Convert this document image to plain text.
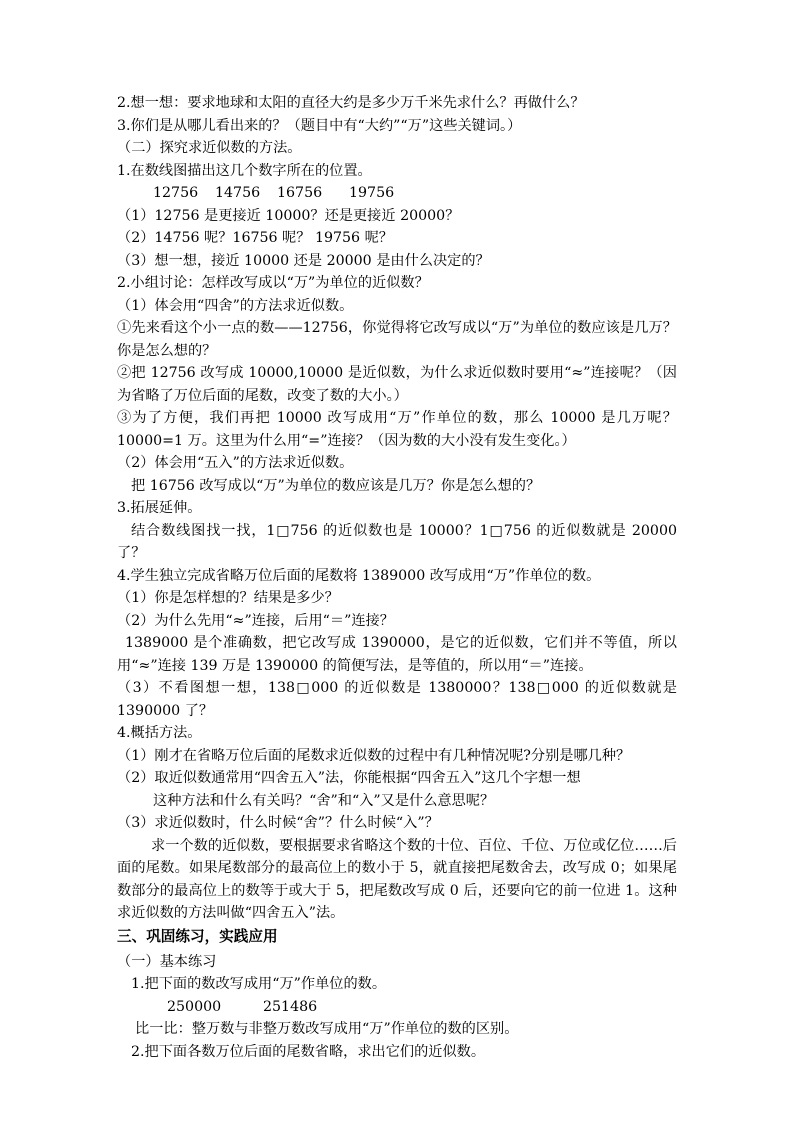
2.想一想：要求地球和太阳的直径大约是多少万千米先求什么？再做什么？

3.你们是从哪儿看出来的？（题目中有“大约”“万”这些关键词。）

（二）探究求近似数的方法。

1.在数线图描出这几个数字所在的位置。

12756 14756 16756 19756

（1）12756 是更接近 10000？还是更接近 20000？

（2）14756 呢？16756 呢？ 19756 呢？

（3）想一想，接近 10000 还是 20000 是由什么决定的？

2.小组讨论：怎样改写成以“万”为单位的近似数？

（1）体会用“四舍”的方法求近似数。

①先来看这个小一点的数——12756，你觉得将它改写成以“万”为单位的数应该是几万？你是怎么想的？

②把 12756 改写成 10000,10000 是近似数，为什么求近似数时要用“≈”连接呢？（因为省略了万位后面的尾数，改变了数的大小。）

③为了方便，我们再把 10000 改写成用“万”作单位的数，那么 10000 是几万呢？10000=1 万。这里为什么用“=”连接？（因为数的大小没有发生变化。）

（2）体会用“五入”的方法求近似数。

把 16756 改写成以“万”为单位的数应该是几万？你是怎么想的？

3.拓展延伸。

结合数线图找一找，1□756 的近似数也是 10000？1□756 的近似数就是 20000 了？

4.学生独立完成省略万位后面的尾数将 1389000 改写成用“万”作单位的数。

（1）你是怎样想的？结果是多少？

（2）为什么先用“≈”连接，后用“＝”连接？

1389000 是个准确数，把它改写成 1390000，是它的近似数，它们并不等值，所以用“≈”连接 139 万是 1390000 的简便写法，是等值的，所以用“＝”连接。

（3）不看图想一想，138□000 的近似数是 1380000？138□000 的近似数就是 1390000 了？

4.概括方法。

（1）刚才在省略万位后面的尾数求近似数的过程中有几种情况呢?分别是哪几种？

（2）取近似数通常用“四舍五入”法，你能根据“四舍五入”这几个字想一想

这种方法和什么有关吗？“舍”和“入”又是什么意思呢？

（3）求近似数时，什么时候“舍”？什么时候“入”？

求一个数的近似数，要根据要求省略这个数的十位、百位、千位、万位或亿位……后面的尾数。如果尾数部分的最高位上的数小于 5，就直接把尾数舍去，改写成 0；如果尾数部分的最高位上的数等于或大于 5，把尾数改写成 0 后，还要向它的前一位进 1。这种求近似数的方法叫做“四舍五入”法。

三、巩固练习，实践应用

（一）基本练习

1.把下面的数改写成用“万”作单位的数。

250000	251486

比一比：整万数与非整万数改写成用“万”作单位的数的区别。

2.把下面各数万位后面的尾数省略，求出它们的近似数。
